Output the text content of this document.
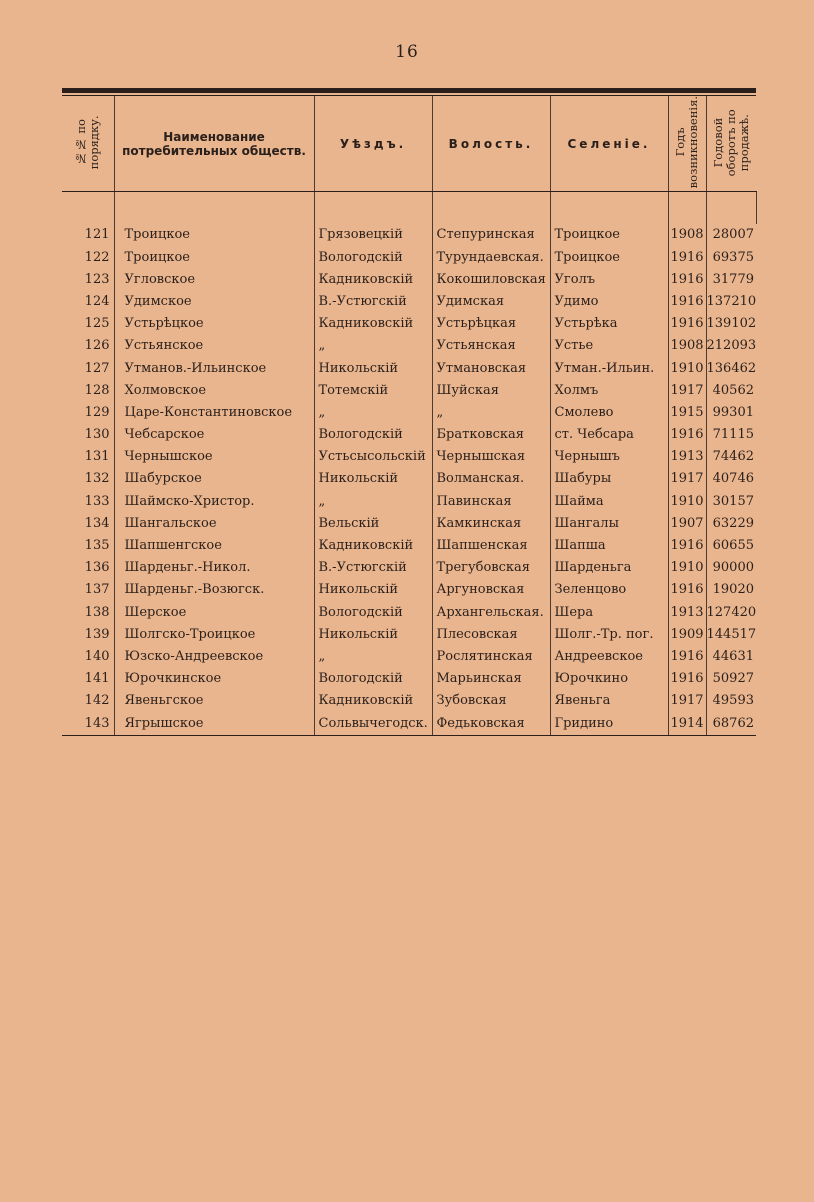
16
№№ по порядку.	Наименование потребительных обществ.	Уѣздъ.	Волость.	Селеніе.	Годъ возникновенія.	Годовой оборотъ по продажѣ.

121	Троицкое	Грязовецкій	Степуринская	Троицкое	1908	28007
122	Троицкое	Вологодскій	Турундаевская.	Троицкое	1916	69375
123	Угловское	Кадниковскій	Кокошиловская	Уголъ	1916	31779
124	Удимское	В.-Устюгскій	Удимская	Удимо	1916	137210
125	Устьрѣцкое	Кадниковскій	Устьрѣцкая	Устьрѣка	1916	139102
126	Устьянское	„	Устьянская	Устье	1908	212093
127	Утманов.-Ильинское	Никольскій	Утмановская	Утман.-Ильин.	1910	136462
128	Холмовское	Тотемскій	Шуйская	Холмъ	1917	40562
129	Царе-Константиновское	„	„	Смолево	1915	99301
130	Чебсарское	Вологодскій	Братковская	ст. Чебсара	1916	71115
131	Чернышское	Устьсысольскій	Чернышская	Чернышъ	1913	74462
132	Шабурское	Никольскій	Волманская.	Шабуры	1917	40746
133	Шаймско-Христор.	„	Павинская	Шайма	1910	30157
134	Шангальское	Вельскій	Камкинская	Шангалы	1907	63229
135	Шапшенгское	Кадниковскій	Шапшенская	Шапша	1916	60655
136	Шарденьг.-Никол.	В.-Устюгскій	Трегубовская	Шарденьга	1910	90000
137	Шарденьг.-Возюгск.	Никольскій	Аргуновская	Зеленцово	1916	19020
138	Шерское	Вологодскій	Архангельская.	Шера	1913	127420
139	Шолгско-Троицкое	Никольскій	Плесовская	Шолг.-Тр. пог.	1909	144517
140	Юзско-Андреевское	„	Рослятинская	Андреевское	1916	44631
141	Юрочкинское	Вологодскій	Марьинская	Юрочкино	1916	50927
142	Явеньгское	Кадниковскій	Зубовская	Явеньга	1917	49593
143	Ягрышское	Сольвычегодск.	Федьковская	Гридино	1914	68762
